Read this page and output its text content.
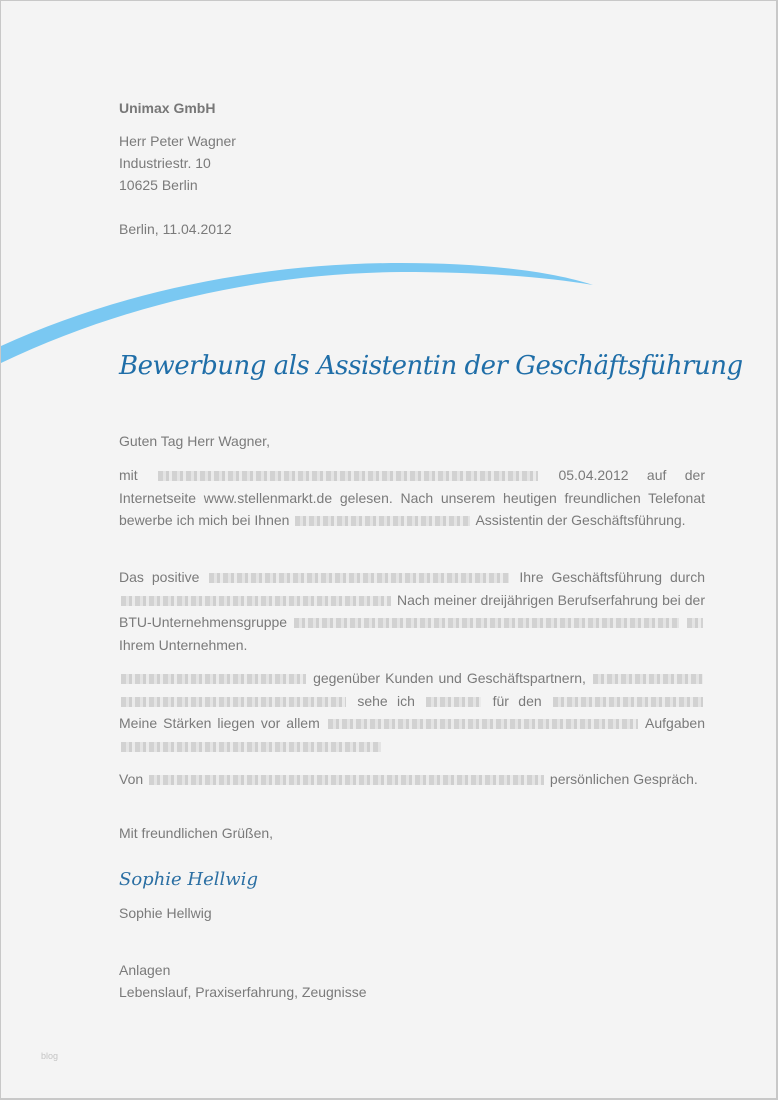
Unimax GmbH
Herr Peter Wagner
Industriestr. 10
10625 Berlin
Berlin, 11.04.2012
Bewerbung als Assistentin der Geschäftsführung
Guten Tag Herr Wagner,
mit	05.04.2012 auf der Internetseite www.stellenmarkt.de gelesen. Nach unserem heutigen freundlichen Telefonat bewerbe ich mich bei Ihnen	Assistentin der Geschäftsführung.
Das positive	Ihre Geschäftsführung durch  Nach meiner dreijährigen Berufserfahrung bei der BTU-Unternehmensgruppe   Ihrem Unternehmen.
gegenüber Kunden und Geschäftspartnern,   sehe ich	für den  Meine Stärken liegen vor allem	Aufgaben
Von	persönlichen Gespräch.
Mit freundlichen Grüßen,
Sophie Hellwig
Sophie Hellwig
Anlagen
Lebenslauf, Praxiserfahrung, Zeugnisse
blog
